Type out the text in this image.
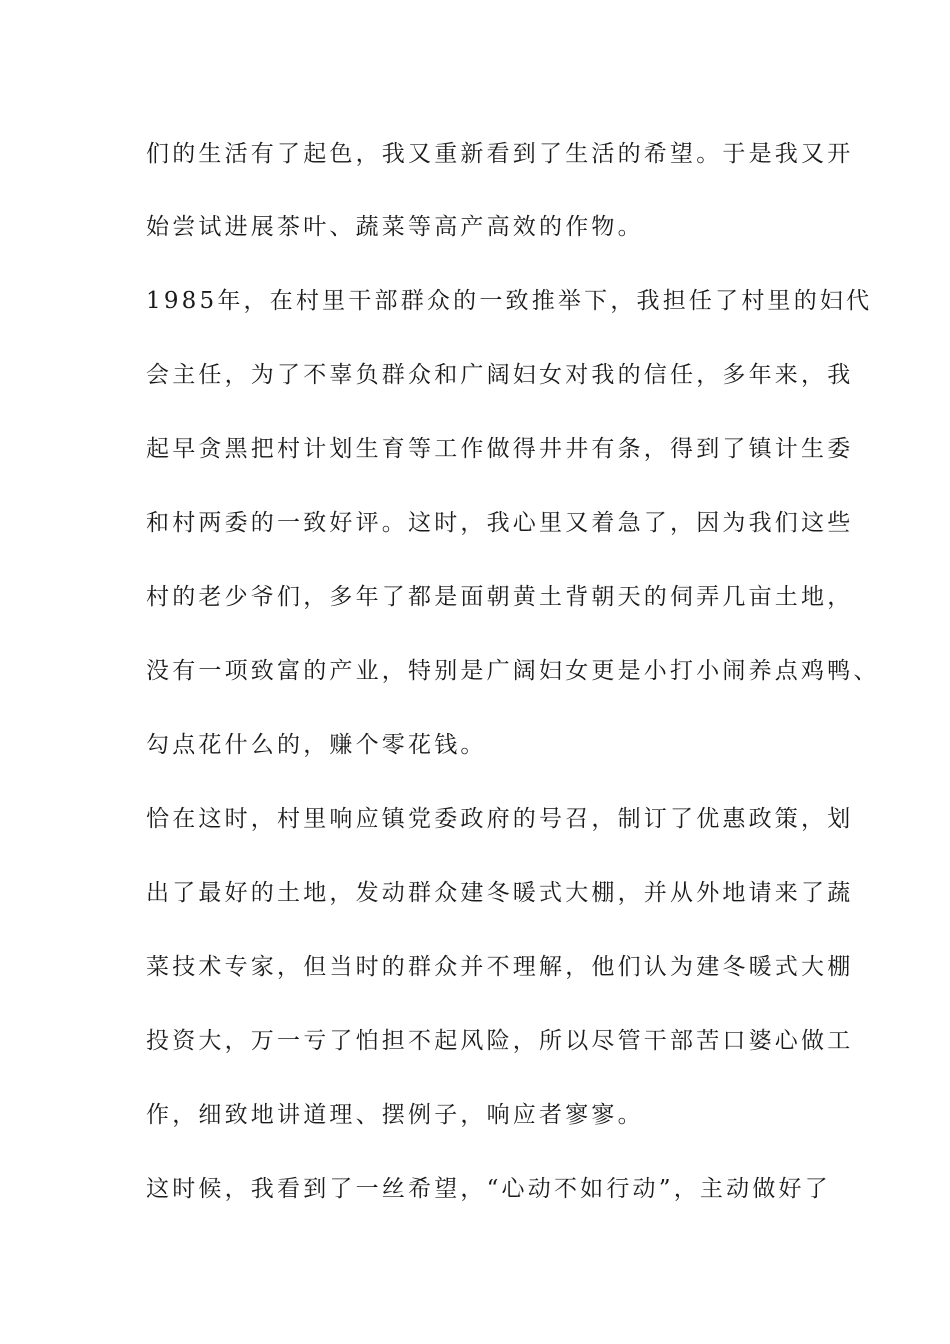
们的生活有了起色，我又重新看到了生活的希望。于是我又开
始尝试进展茶叶、蔬菜等高产高效的作物。
1985年，在村里干部群众的一致推举下，我担任了村里的妇代
会主任，为了不辜负群众和广阔妇女对我的信任，多年来，我
起早贪黑把村计划生育等工作做得井井有条，得到了镇计生委
和村两委的一致好评。这时，我心里又着急了，因为我们这些
村的老少爷们，多年了都是面朝黄土背朝天的伺弄几亩土地，
没有一项致富的产业，特别是广阔妇女更是小打小闹养点鸡鸭、
勾点花什么的，赚个零花钱。
恰在这时，村里响应镇党委政府的号召，制订了优惠政策，划
出了最好的土地，发动群众建冬暖式大棚，并从外地请来了蔬
菜技术专家，但当时的群众并不理解，他们认为建冬暖式大棚
投资大，万一亏了怕担不起风险，所以尽管干部苦口婆心做工
作，细致地讲道理、摆例子，响应者寥寥。
这时候，我看到了一丝希望，“心动不如行动”，主动做好了
